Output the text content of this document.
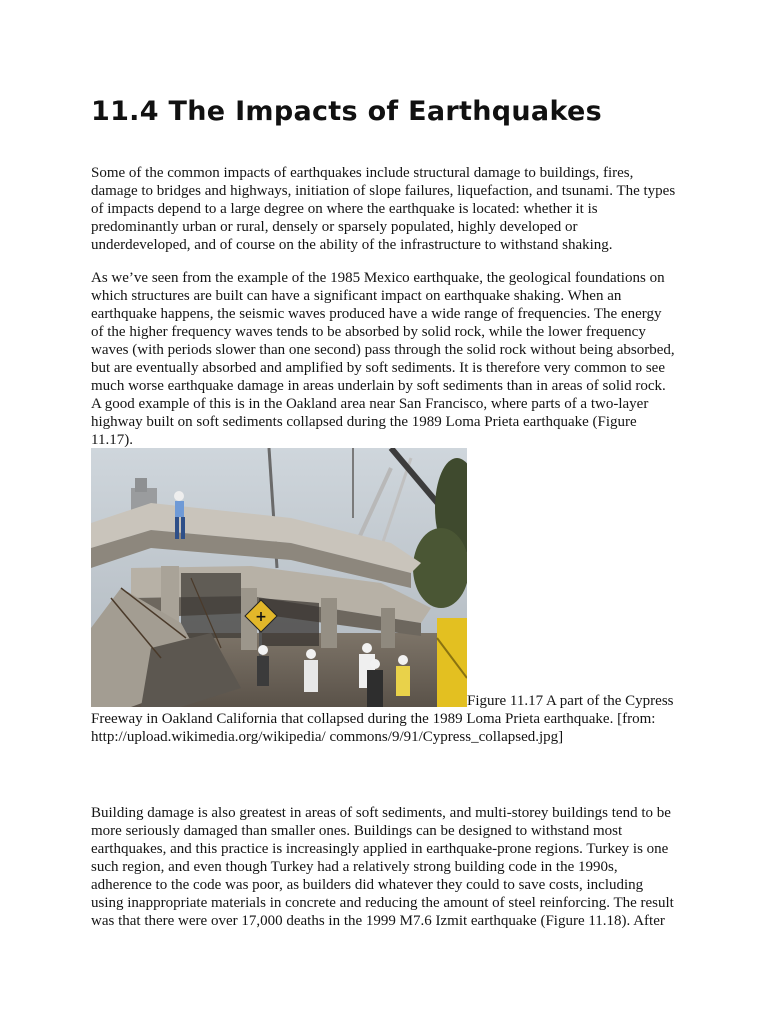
11.4 The Impacts of Earthquakes

Some of the common impacts of earthquakes include structural damage to buildings, fires,
damage to bridges and highways, initiation of slope failures, liquefaction, and tsunami. The types
of impacts depend to a large degree on where the earthquake is located: whether it is
predominantly urban or rural, densely or sparsely populated, highly developed or
underdeveloped, and of course on the ability of the infrastructure to withstand shaking.

As we’ve seen from the example of the 1985 Mexico earthquake, the geological foundations on
which structures are built can have a significant impact on earthquake shaking. When an
earthquake happens, the seismic waves produced have a wide range of frequencies. The energy
of the higher frequency waves tends to be absorbed by solid rock, while the lower frequency
waves (with periods slower than one second) pass through the solid rock without being absorbed,
but are eventually absorbed and amplified by soft sediments. It is therefore very common to see
much worse earthquake damage in areas underlain by soft sediments than in areas of solid rock.
A good example of this is in the Oakland area near San Francisco, where parts of a two-layer
highway built on soft sediments collapsed during the 1989 Loma Prieta earthquake (Figure
11.17).

+

Figure 11.17 A part of the Cypress
Freeway in Oakland California that collapsed during the 1989 Loma Prieta earthquake. [from:
http://upload.wikimedia.org/wikipedia/ commons/9/91/Cypress_collapsed.jpg]

Building damage is also greatest in areas of soft sediments, and multi-storey buildings tend to be
more seriously damaged than smaller ones. Buildings can be designed to withstand most
earthquakes, and this practice is increasingly applied in earthquake-prone regions. Turkey is one
such region, and even though Turkey had a relatively strong building code in the 1990s,
adherence to the code was poor, as builders did whatever they could to save costs, including
using inappropriate materials in concrete and reducing the amount of steel reinforcing. The result
was that there were over 17,000 deaths in the 1999 M7.6 Izmit earthquake (Figure 11.18). After
